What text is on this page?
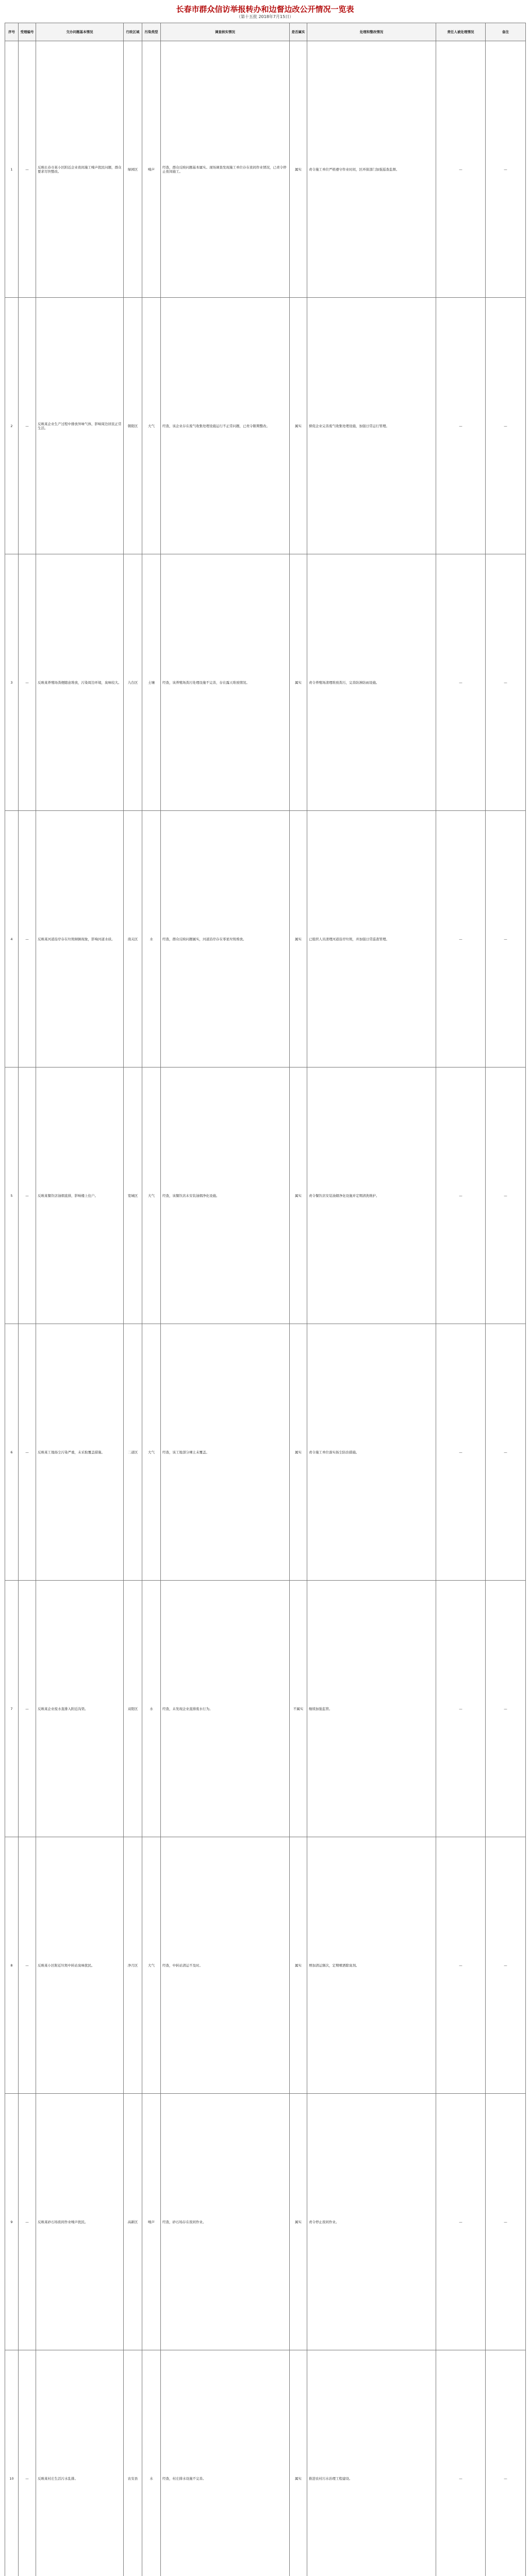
长春市群众信访举报转办和边督边改公开情况一览表
（第十五批 2018年7月15日）
序号	受理编号	交办问题基本情况	行政区域	污染类型	调查核实情况	是否属实	处理和整改情况	责任人被处理情况	备注
1	—	反映长春市某小区附近企业夜间施工噪声扰民问题，群众要求尽快整改。	绿园区	噪声	经查，群众反映问题基本属实。现场调查发现施工单位存在夜间作业情况，已责令停止夜间施工。	属实	责令施工单位严格遵守作业时间，区环保部门加强巡查监督。	—	—
2	—	反映某企业生产过程中排放异味气体，影响周边居民正常生活。	朝阳区	大气	经查，该企业存在废气收集处理设施运行不正常问题，已责令限期整改。	属实	督促企业完善废气收集处理设施，加强日常运行管理。	—	—
3	—	反映某养殖场粪便随意堆放，污染周边环境，臭味较大。	九台区	土壤	经查，该养殖场粪污处理设施不完善，存在露天堆放情况。	属实	责令养殖场清理堆放粪污，完善防渗防雨设施。	—	—
4	—	反映某河道沿岸存在垃圾倾倒现象，影响河道水质。	南关区	水	经查，群众反映问题属实，河道沿岸存在零星垃圾堆放。	属实	已组织人员清理河道沿岸垃圾，并加强日常巡查管理。	—	—
5	—	反映某餐饮店油烟直排，影响楼上住户。	宽城区	大气	经查，该餐饮店未安装油烟净化设施。	属实	责令餐饮店安装油烟净化设施并定期清洗维护。	—	—
6	—	反映某工地扬尘污染严重，未采取覆盖措施。	二道区	大气	经查，该工地部分裸土未覆盖。	属实	责令施工单位落实扬尘防治措施。	—	—
7	—	反映某企业废水直排入附近沟渠。	双阳区	水	经查，未发现企业直排废水行为。	不属实	继续加强监管。	—	—
8	—	反映某小区附近垃圾中转站臭味扰民。	净月区	大气	经查，中转站清运不及时。	属实	增加清运频次，定期喷洒除臭剂。	—	—
9	—	反映某砂石场夜间作业噪声扰民。	高新区	噪声	经查，砂石场存在夜间作业。	属实	责令停止夜间作业。	—	—
10	—	反映某村庄生活污水乱排。	农安县	水	经查，村庄排水设施不完善。	属实	推进农村污水治理工程建设。	—	—
